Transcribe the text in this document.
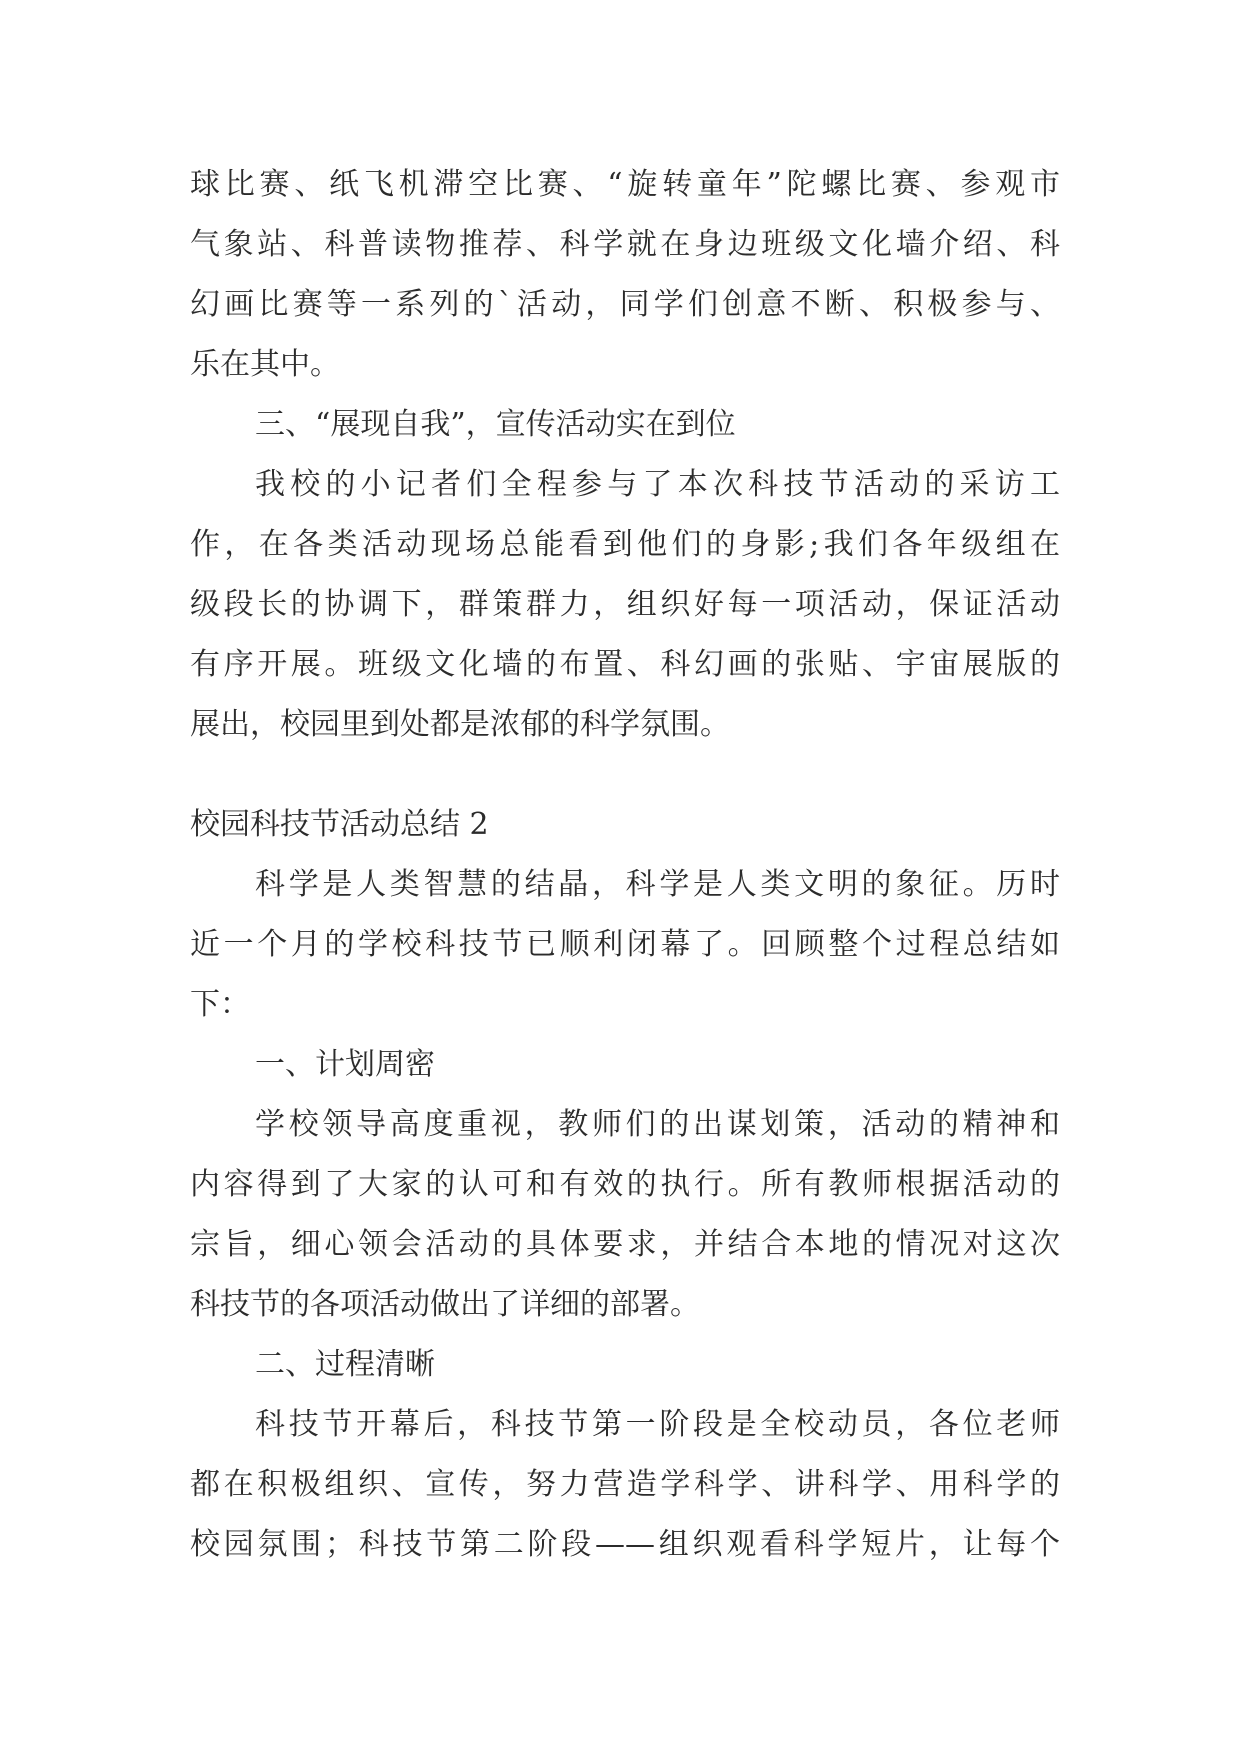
球比赛、纸飞机滞空比赛、“旋转童年”陀螺比赛、参观市
气象站、科普读物推荐、科学就在身边班级文化墙介绍、科
幻画比赛等一系列的`活动，同学们创意不断、积极参与、
乐在其中。
三、“展现自我”，宣传活动实在到位
我校的小记者们全程参与了本次科技节活动的采访工
作，在各类活动现场总能看到他们的身影;我们各年级组在
级段长的协调下，群策群力，组织好每一项活动，保证活动
有序开展。班级文化墙的布置、科幻画的张贴、宇宙展版的
展出，校园里到处都是浓郁的科学氛围。
校园科技节活动总结 2
科学是人类智慧的结晶，科学是人类文明的象征。历时
近一个月的学校科技节已顺利闭幕了。回顾整个过程总结如
下：
一、计划周密
学校领导高度重视，教师们的出谋划策，活动的精神和
内容得到了大家的认可和有效的执行。所有教师根据活动的
宗旨，细心领会活动的具体要求，并结合本地的情况对这次
科技节的各项活动做出了详细的部署。
二、过程清晰
科技节开幕后，科技节第一阶段是全校动员，各位老师
都在积极组织、宣传，努力营造学科学、讲科学、用科学的
校园氛围；科技节第二阶段——组织观看科学短片，让每个
